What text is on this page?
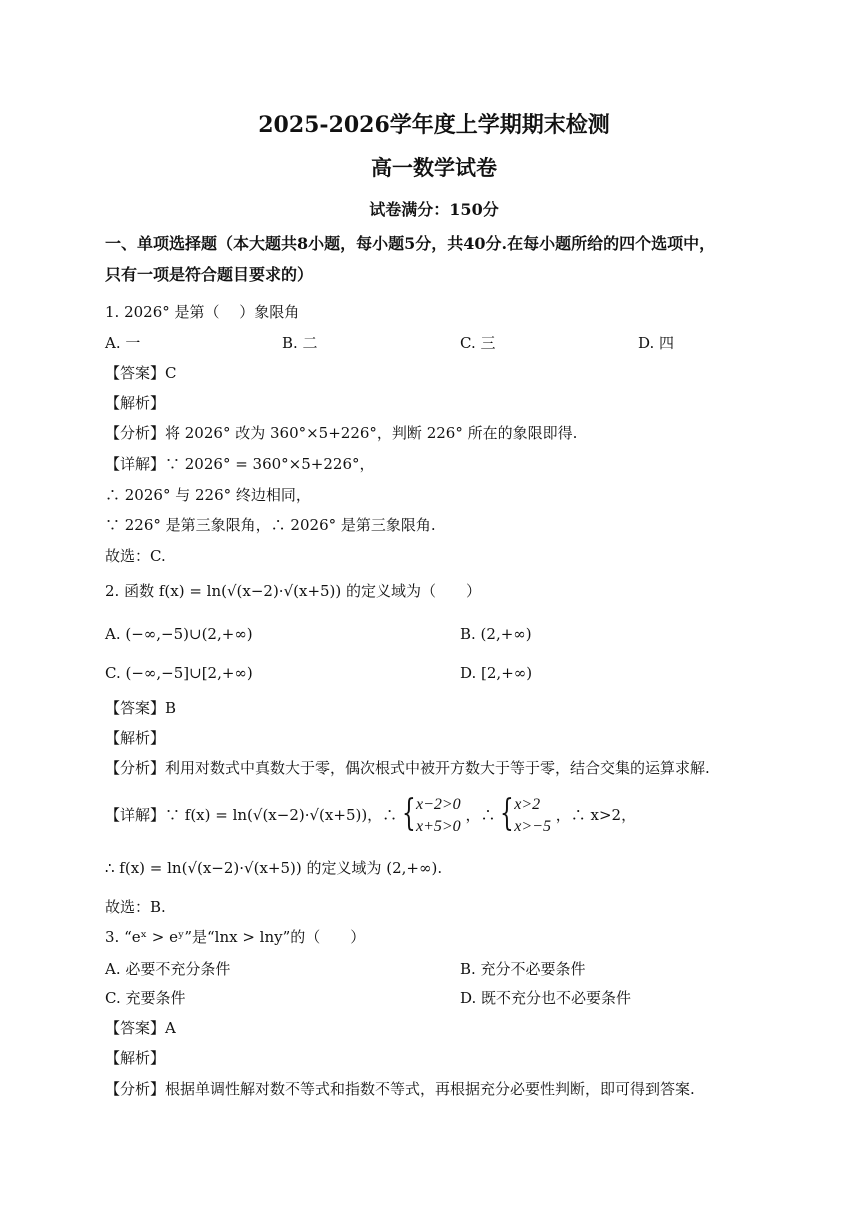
2025-2026学年度上学期期末检测
高一数学试卷
试卷满分：150分
一、单项选择题（本大题共8小题，每小题5分，共40分.在每小题所给的四个选项中，
只有一项是符合题目要求的）
1. 2026° 是第（　 ）象限角
A. 一	B. 二	C. 三	D. 四
【答案】C
【解析】
【分析】将 2026° 改为 360°×5+226°，判断 226° 所在的象限即得.
【详解】∵ 2026° = 360°×5+226°，
∴ 2026° 与 226° 终边相同，
∵ 226° 是第三象限角，∴ 2026° 是第三象限角.
故选：C.
2. 函数 f(x) = ln(√(x−2)·√(x+5)) 的定义域为（　　）
A. (−∞,−5)∪(2,+∞)	B. (2,+∞)
C. (−∞,−5]∪[2,+∞)	D. [2,+∞)
【答案】B
【解析】
【分析】利用对数式中真数大于零，偶次根式中被开方数大于等于零，结合交集的运算求解.
【详解】∵ f(x) = ln(√(x−2)·√(x+5))，∴ { x−2>0
x+5>0
，∴ { x>2
x>−5
，∴ x>2，
∴ f(x) = ln(√(x−2)·√(x+5)) 的定义域为 (2,+∞).
故选：B.
3. “eˣ > eʸ”是“lnx > lny”的（　　）
A. 必要不充分条件	B. 充分不必要条件
C. 充要条件	D. 既不充分也不必要条件
【答案】A
【解析】
【分析】根据单调性解对数不等式和指数不等式，再根据充分必要性判断，即可得到答案.
